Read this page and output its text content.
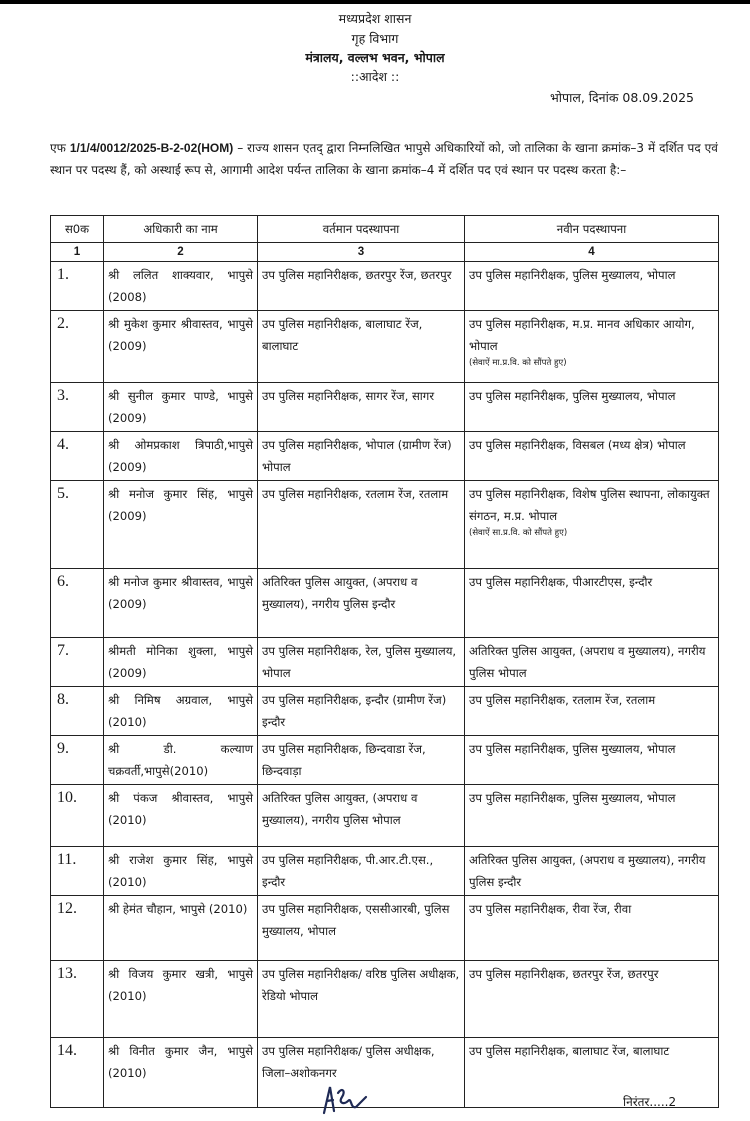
मध्यप्रदेश शासन
गृह विभाग
मंत्रालय, वल्लभ भवन, भोपाल
::आदेश ::
भोपाल, दिनांक 08.09.2025
एफ 1/1/4/0012/2025-B-2-02(HOM) – राज्य शासन एतद् द्वारा निम्नलिखित भापुसे अधिकारियों को, जो तालिका के खाना क्रमांक–3 में दर्शित पद एवं स्थान पर पदस्थ हैं, को अस्थाई रूप से, आगामी आदेश पर्यन्त तालिका के खाना क्रमांक–4 में दर्शित पद एवं स्थान पर पदस्थ करता है:–
स0क	अधिकारी का नाम	वर्तमान पदस्थापना	नवीन पदस्थापना
1	2	3	4
1.	श्री ललित शाक्यवार, भापुसे (2008)	उप पुलिस महानिरीक्षक, छतरपुर रेंज, छतरपुर	उप पुलिस महानिरीक्षक, पुलिस मुख्यालय, भोपाल
2.	श्री मुकेश कुमार श्रीवास्तव, भापुसे (2009)	उप पुलिस महानिरीक्षक, बालाघाट रेंज, बालाघाट	उप पुलिस महानिरीक्षक, म.प्र. मानव अधिकार आयोग, भोपाल
(सेवाऐं मा.प्र.वि. को सौंपते हुए)

3.	श्री सुनील कुमार पाण्डे, भापुसे (2009)	उप पुलिस महानिरीक्षक, सागर रेंज, सागर	उप पुलिस महानिरीक्षक, पुलिस मुख्यालय, भोपाल
4.	श्री ओमप्रकाश त्रिपाठी,भापुसे (2009)	उप पुलिस महानिरीक्षक, भोपाल (ग्रामीण रेंज) भोपाल	उप पुलिस महानिरीक्षक, विसबल (मध्य क्षेत्र) भोपाल
5.	श्री मनोज कुमार सिंह, भापुसे (2009)	उप पुलिस महानिरीक्षक, रतलाम रेंज, रतलाम	उप पुलिस महानिरीक्षक, विशेष पुलिस स्थापना, लोकायुक्त संगठन, म.प्र. भोपाल
(सेवाऐं सा.प्र.वि. को सौंपते हुए)

6.	श्री मनोज कुमार श्रीवास्तव, भापुसे (2009)	अतिरिक्त पुलिस आयुक्त, (अपराध व मुख्यालय), नगरीय पुलिस इन्दौर	उप पुलिस महानिरीक्षक, पीआरटीएस, इन्दौर
7.	श्रीमती मोनिका शुक्ला, भापुसे (2009)	उप पुलिस महानिरीक्षक, रेल, पुलिस मुख्यालय, भोपाल	अतिरिक्त पुलिस आयुक्त, (अपराध व मुख्यालय), नगरीय पुलिस भोपाल
8.	श्री निमिष अग्रवाल, भापुसे (2010)	उप पुलिस महानिरीक्षक, इन्दौर (ग्रामीण रेंज) इन्दौर	उप पुलिस महानिरीक्षक, रतलाम रेंज, रतलाम
9.	श्री डी. कल्याण चक्रवर्ती,भापुसे(2010)	उप पुलिस महानिरीक्षक, छिन्दवाडा रेंज, छिन्दवाड़ा	उप पुलिस महानिरीक्षक, पुलिस मुख्यालय, भोपाल
10.	श्री पंकज श्रीवास्तव, भापुसे (2010)	अतिरिक्त पुलिस आयुक्त, (अपराध व मुख्यालय), नगरीय पुलिस भोपाल	उप पुलिस महानिरीक्षक, पुलिस मुख्यालय, भोपाल
11.	श्री राजेश कुमार सिंह, भापुसे (2010)	उप पुलिस महानिरीक्षक, पी.आर.टी.एस., इन्दौर	अतिरिक्त पुलिस आयुक्त, (अपराध व मुख्यालय), नगरीय पुलिस इन्दौर
12.	श्री हेमंत चौहान, भापुसे (2010)	उप पुलिस महानिरीक्षक, एससीआरबी, पुलिस मुख्यालय, भोपाल	उप पुलिस महानिरीक्षक, रीवा रेंज, रीवा
13.	श्री विजय कुमार खत्री, भापुसे (2010)	उप पुलिस महानिरीक्षक/ वरिष्ठ पुलिस अधीक्षक, रेडियो भोपाल	उप पुलिस महानिरीक्षक, छतरपुर रेंज, छतरपुर
14.	श्री विनीत कुमार जैन, भापुसे (2010)	उप पुलिस महानिरीक्षक/ पुलिस अधीक्षक, जिला–अशोकनगर	उप पुलिस महानिरीक्षक, बालाघाट रेंज, बालाघाट
निरंतर.....2
